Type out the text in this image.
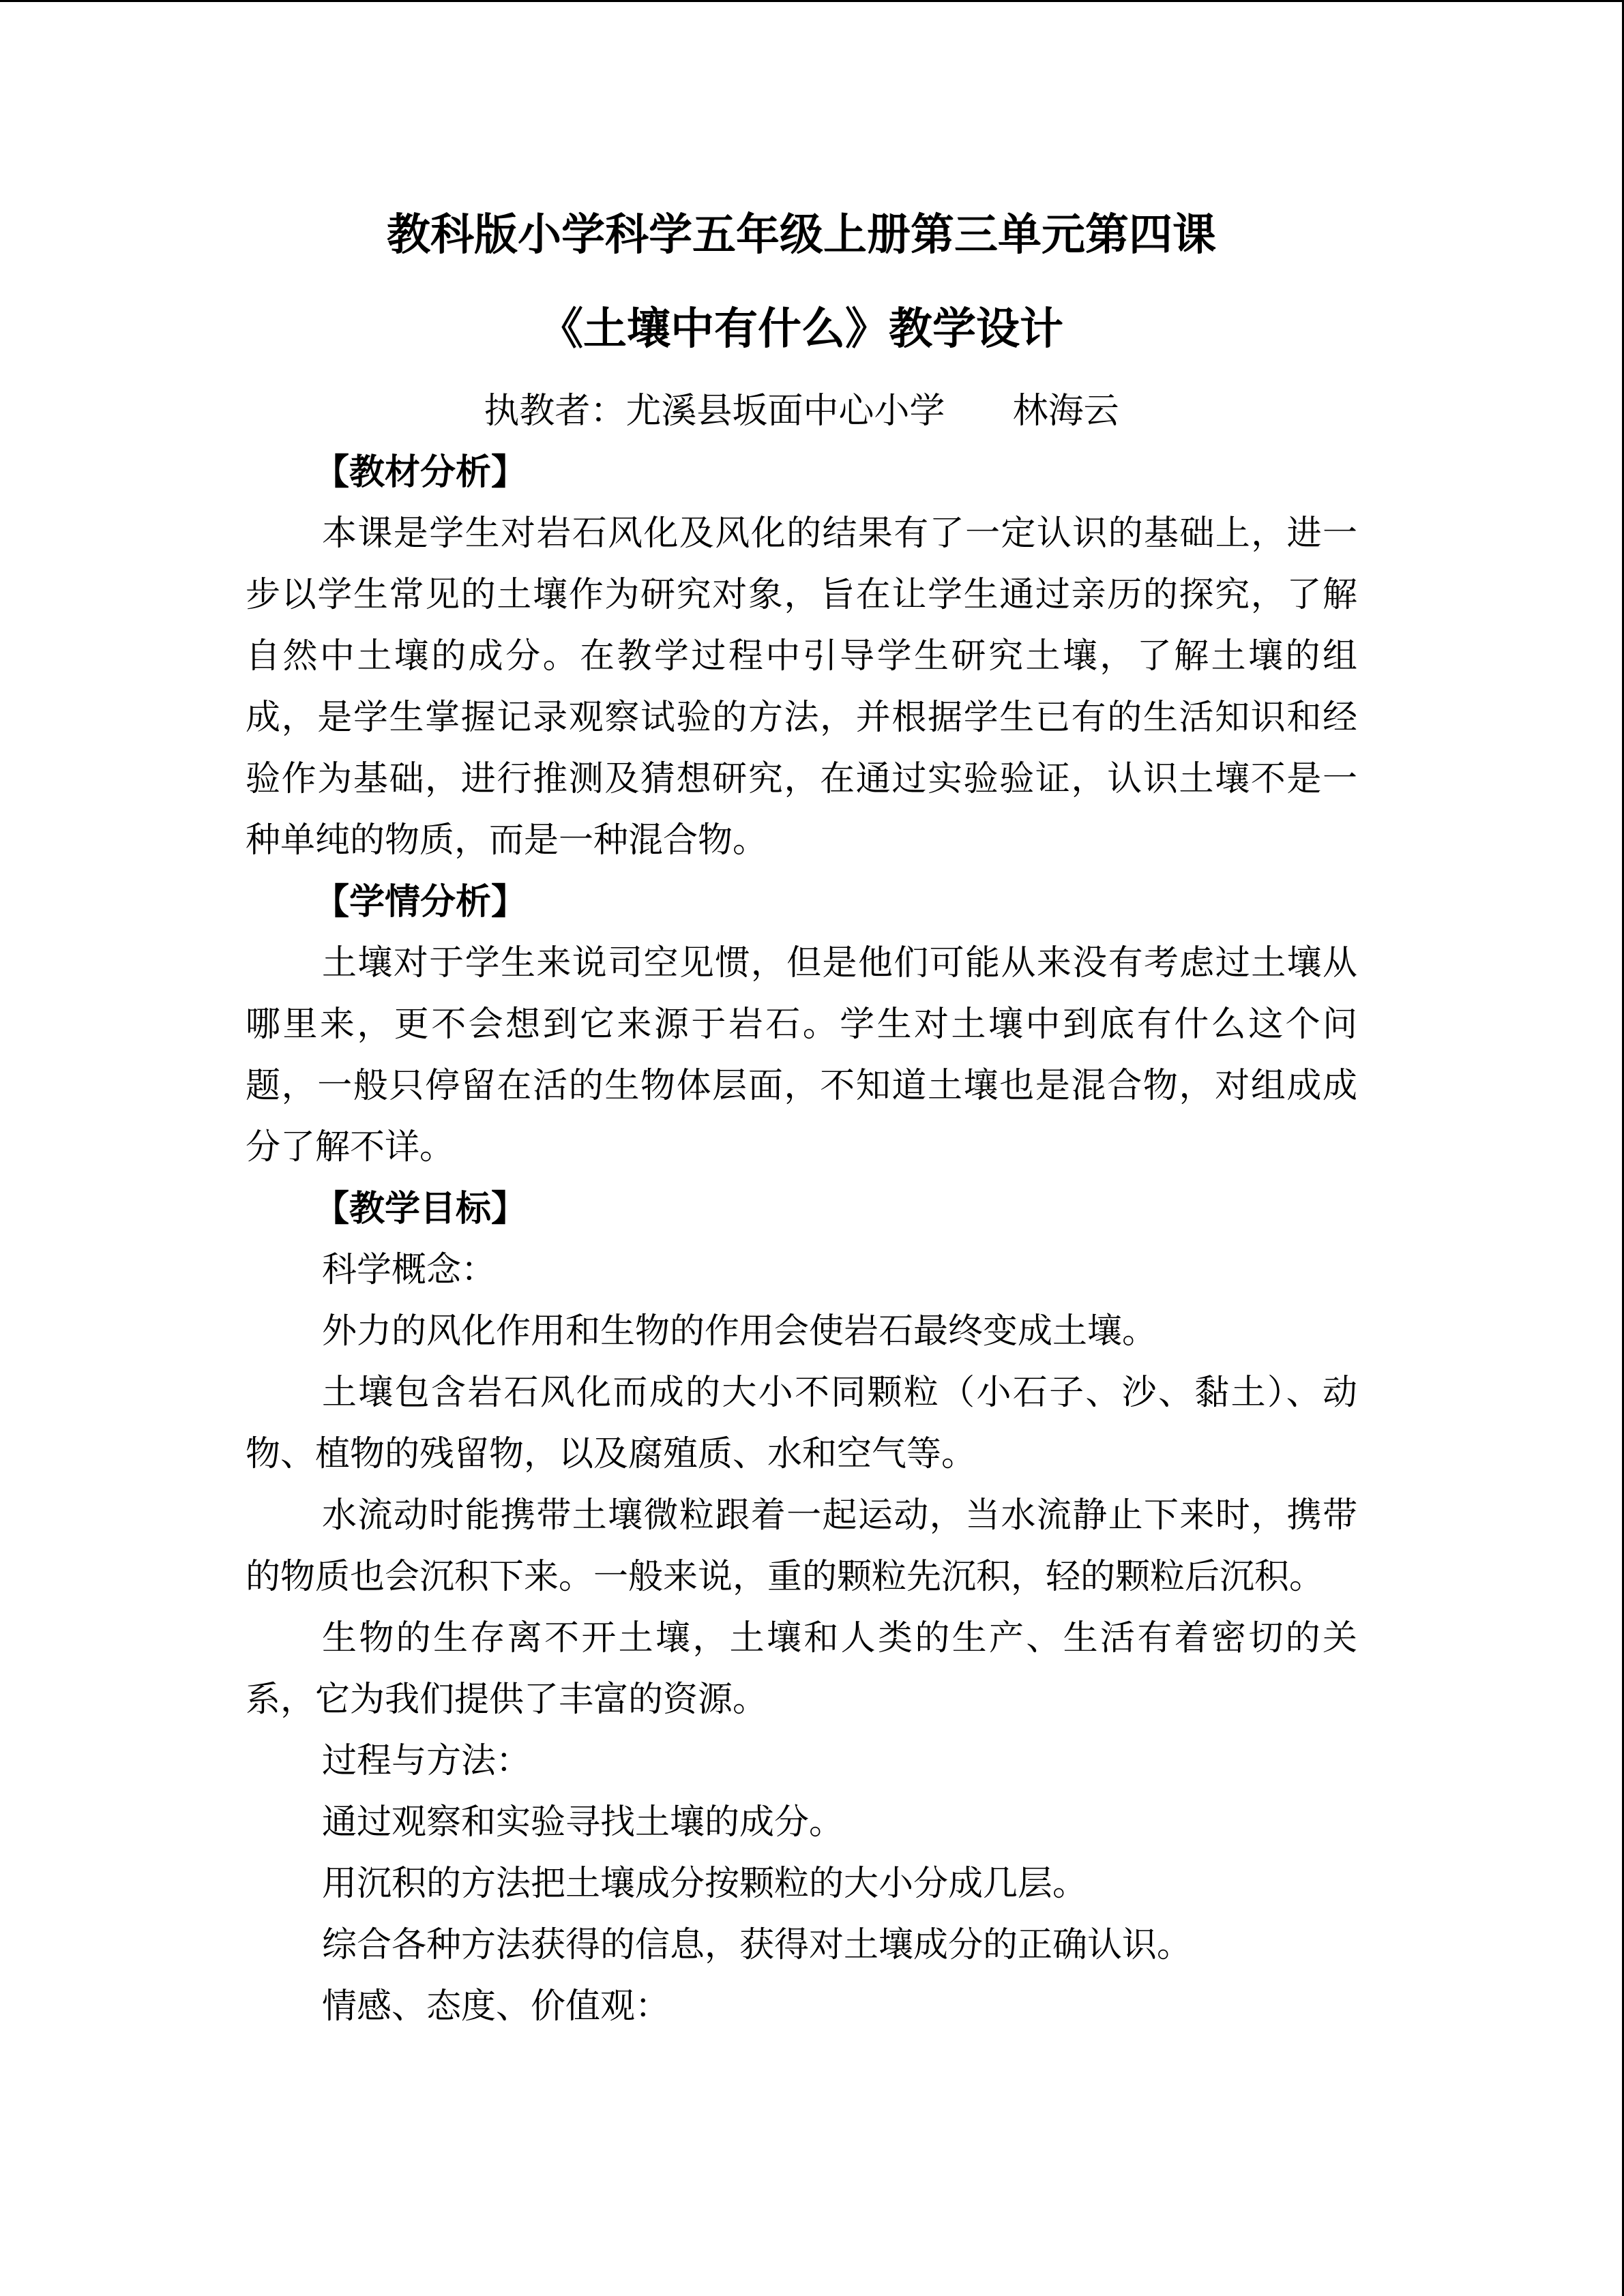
教科版小学科学五年级上册第三单元第四课
《土壤中有什么》教学设计

执教者：尤溪县坂面中心小学      林海云

【教材分析】

本课是学生对岩石风化及风化的结果有了一定认识的基础上，进一步以学生常见的土壤作为研究对象，旨在让学生通过亲历的探究，了解自然中土壤的成分。在教学过程中引导学生研究土壤，了解土壤的组成，是学生掌握记录观察试验的方法，并根据学生已有的生活知识和经验作为基础，进行推测及猜想研究，在通过实验验证，认识土壤不是一种单纯的物质，而是一种混合物。

【学情分析】

土壤对于学生来说司空见惯，但是他们可能从来没有考虑过土壤从哪里来，更不会想到它来源于岩石。学生对土壤中到底有什么这个问题，一般只停留在活的生物体层面，不知道土壤也是混合物，对组成成分了解不详。

【教学目标】

科学概念：

外力的风化作用和生物的作用会使岩石最终变成土壤。

土壤包含岩石风化而成的大小不同颗粒（小石子、沙、黏土）、动物、植物的残留物，以及腐殖质、水和空气等。

水流动时能携带土壤微粒跟着一起运动，当水流静止下来时，携带的物质也会沉积下来。一般来说，重的颗粒先沉积，轻的颗粒后沉积。

生物的生存离不开土壤，土壤和人类的生产、生活有着密切的关系，它为我们提供了丰富的资源。

过程与方法：

通过观察和实验寻找土壤的成分。

用沉积的方法把土壤成分按颗粒的大小分成几层。

综合各种方法获得的信息，获得对土壤成分的正确认识。

情感、态度、价值观：
